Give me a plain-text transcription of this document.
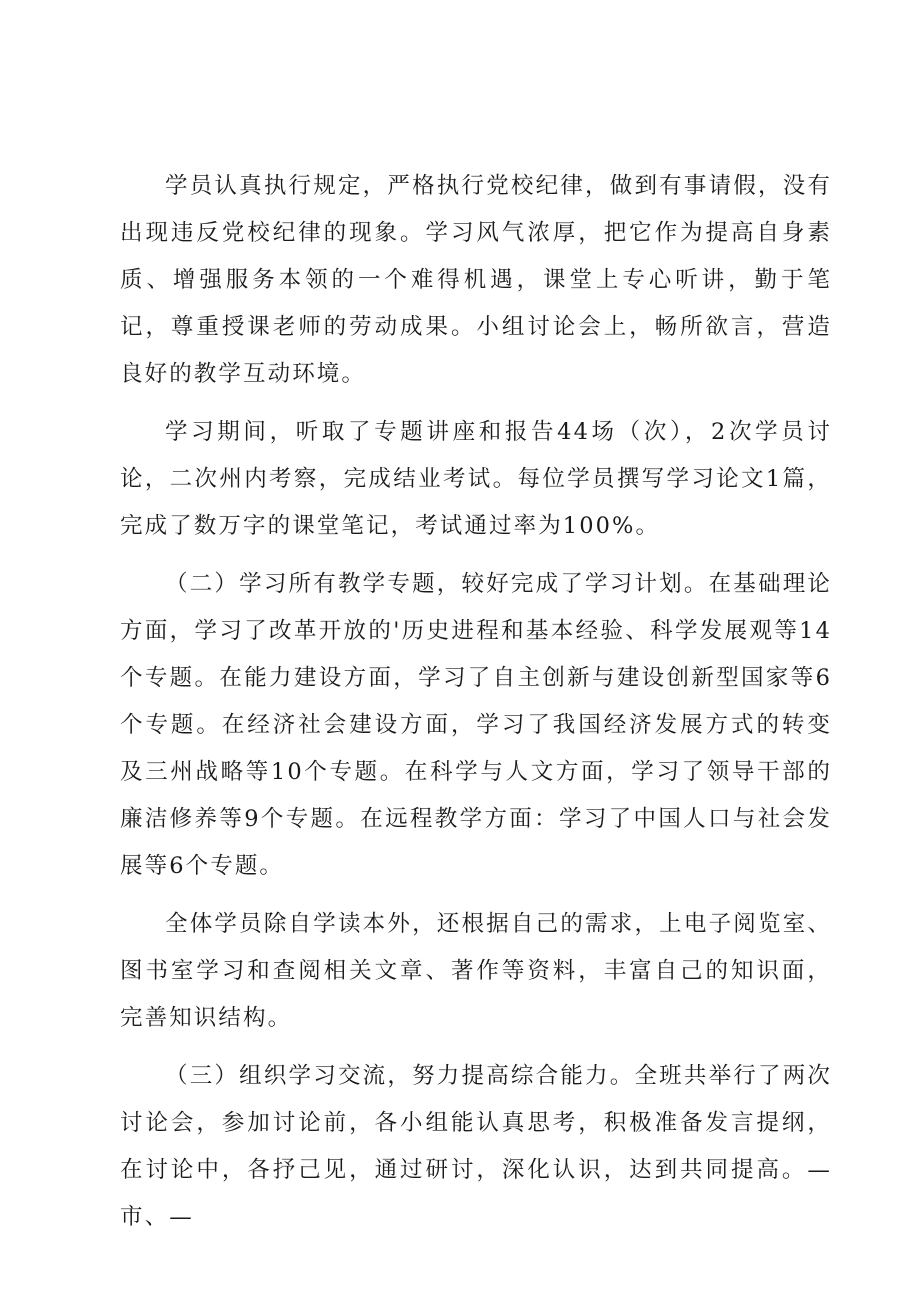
学员认真执行规定，严格执行党校纪律，做到有事请假，没有出现违反党校纪律的现象。学习风气浓厚，把它作为提高自身素质、增强服务本领的一个难得机遇，课堂上专心听讲，勤于笔记，尊重授课老师的劳动成果。小组讨论会上，畅所欲言，营造良好的教学互动环境。

学习期间，听取了专题讲座和报告44场（次），2次学员讨论，二次州内考察，完成结业考试。每位学员撰写学习论文1篇，完成了数万字的课堂笔记，考试通过率为100%。

（二）学习所有教学专题，较好完成了学习计划。在基础理论方面，学习了改革开放的'历史进程和基本经验、科学发展观等14个专题。在能力建设方面，学习了自主创新与建设创新型国家等6个专题。在经济社会建设方面，学习了我国经济发展方式的转变及三州战略等10个专题。在科学与人文方面，学习了领导干部的廉洁修养等9个专题。在远程教学方面：学习了中国人口与社会发展等6个专题。

全体学员除自学读本外，还根据自己的需求，上电子阅览室、图书室学习和查阅相关文章、著作等资料，丰富自己的知识面，完善知识结构。

（三）组织学习交流，努力提高综合能力。全班共举行了两次讨论会，参加讨论前，各小组能认真思考，积极准备发言提纲，在讨论中，各抒己见，通过研讨，深化认识，达到共同提高。—市、—
